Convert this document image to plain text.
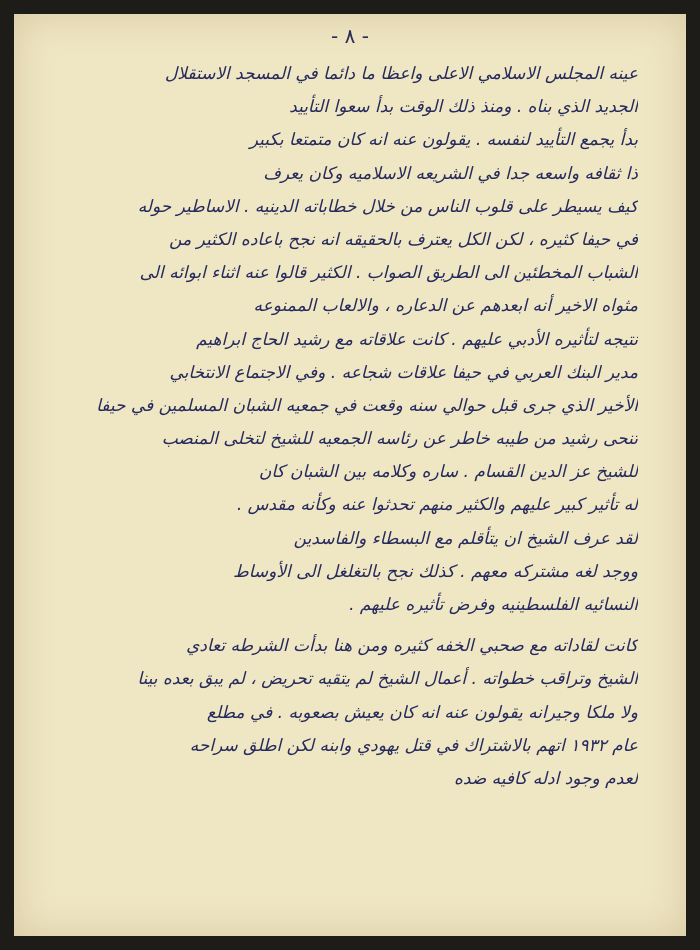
- ٨ -
عينه المجلس الاسلامي الاعلى واعظا ما دائما في المسجد الاستقلال
الجديد الذي بناه . ومنذ ذلك الوقت بدأ سعوا التأييد
بدأ يجمع التأييد لنفسه . يقولون عنه انه كان متمتعا بكبير
ذا ثقافه واسعه جدا في الشريعه الاسلاميه وكان يعرف
كيف يسيطر على قلوب الناس من خلال خطاباته الدينيه . الاساطير حوله
في حيفا كثيره ، لكن الكل يعترف بالحقيقه انه نجح باعاده الكثير من
الشباب المخطئين الى الطريق الصواب . الكثير قالوا عنه اثناء ابوائه الى
مثواه الاخير أنه ابعدهم عن الدعاره ، والالعاب الممنوعه
نتيجه لتأثيره الأدبي عليهم . كانت علاقاته مع رشيد الحاج ابراهيم
مدير البنك العربي في حيفا علاقات شجاعه . وفي الاجتماع الانتخابي
الأخير الذي جرى قبل حوالي سنه وقعت في جمعيه الشبان المسلمين في حيفا
تنحى رشيد من طيبه خاطر عن رئاسه الجمعيه للشيخ لتخلى المنصب
للشيخ عز الدين القسام . ساره وكلامه بين الشبان كان
له تأثير كبير عليهم والكثير منهم تحدثوا عنه وكأنه مقدس .
لقد عرف الشيخ ان يتأقلم مع البسطاء والفاسدين
ووجد لغه مشتركه معهم . كذلك نجح بالتغلغل الى الأوساط
النسائيه الفلسطينيه وفرض تأثيره عليهم .
كانت لقاداته مع صحبي الخفه كثيره ومن هنا بدأت الشرطه تعادي
الشيخ وتراقب خطواته . أعمال الشيخ لم يتقيه تحريض ، لم يبق بعده بينا
ولا ملكا وجيرانه يقولون عنه انه كان يعيش بصعوبه . في مطلع
عام ١٩٣٢ اتهم بالاشتراك في قتل يهودي وابنه لكن اطلق سراحه
لعدم وجود ادله كافيه ضده
